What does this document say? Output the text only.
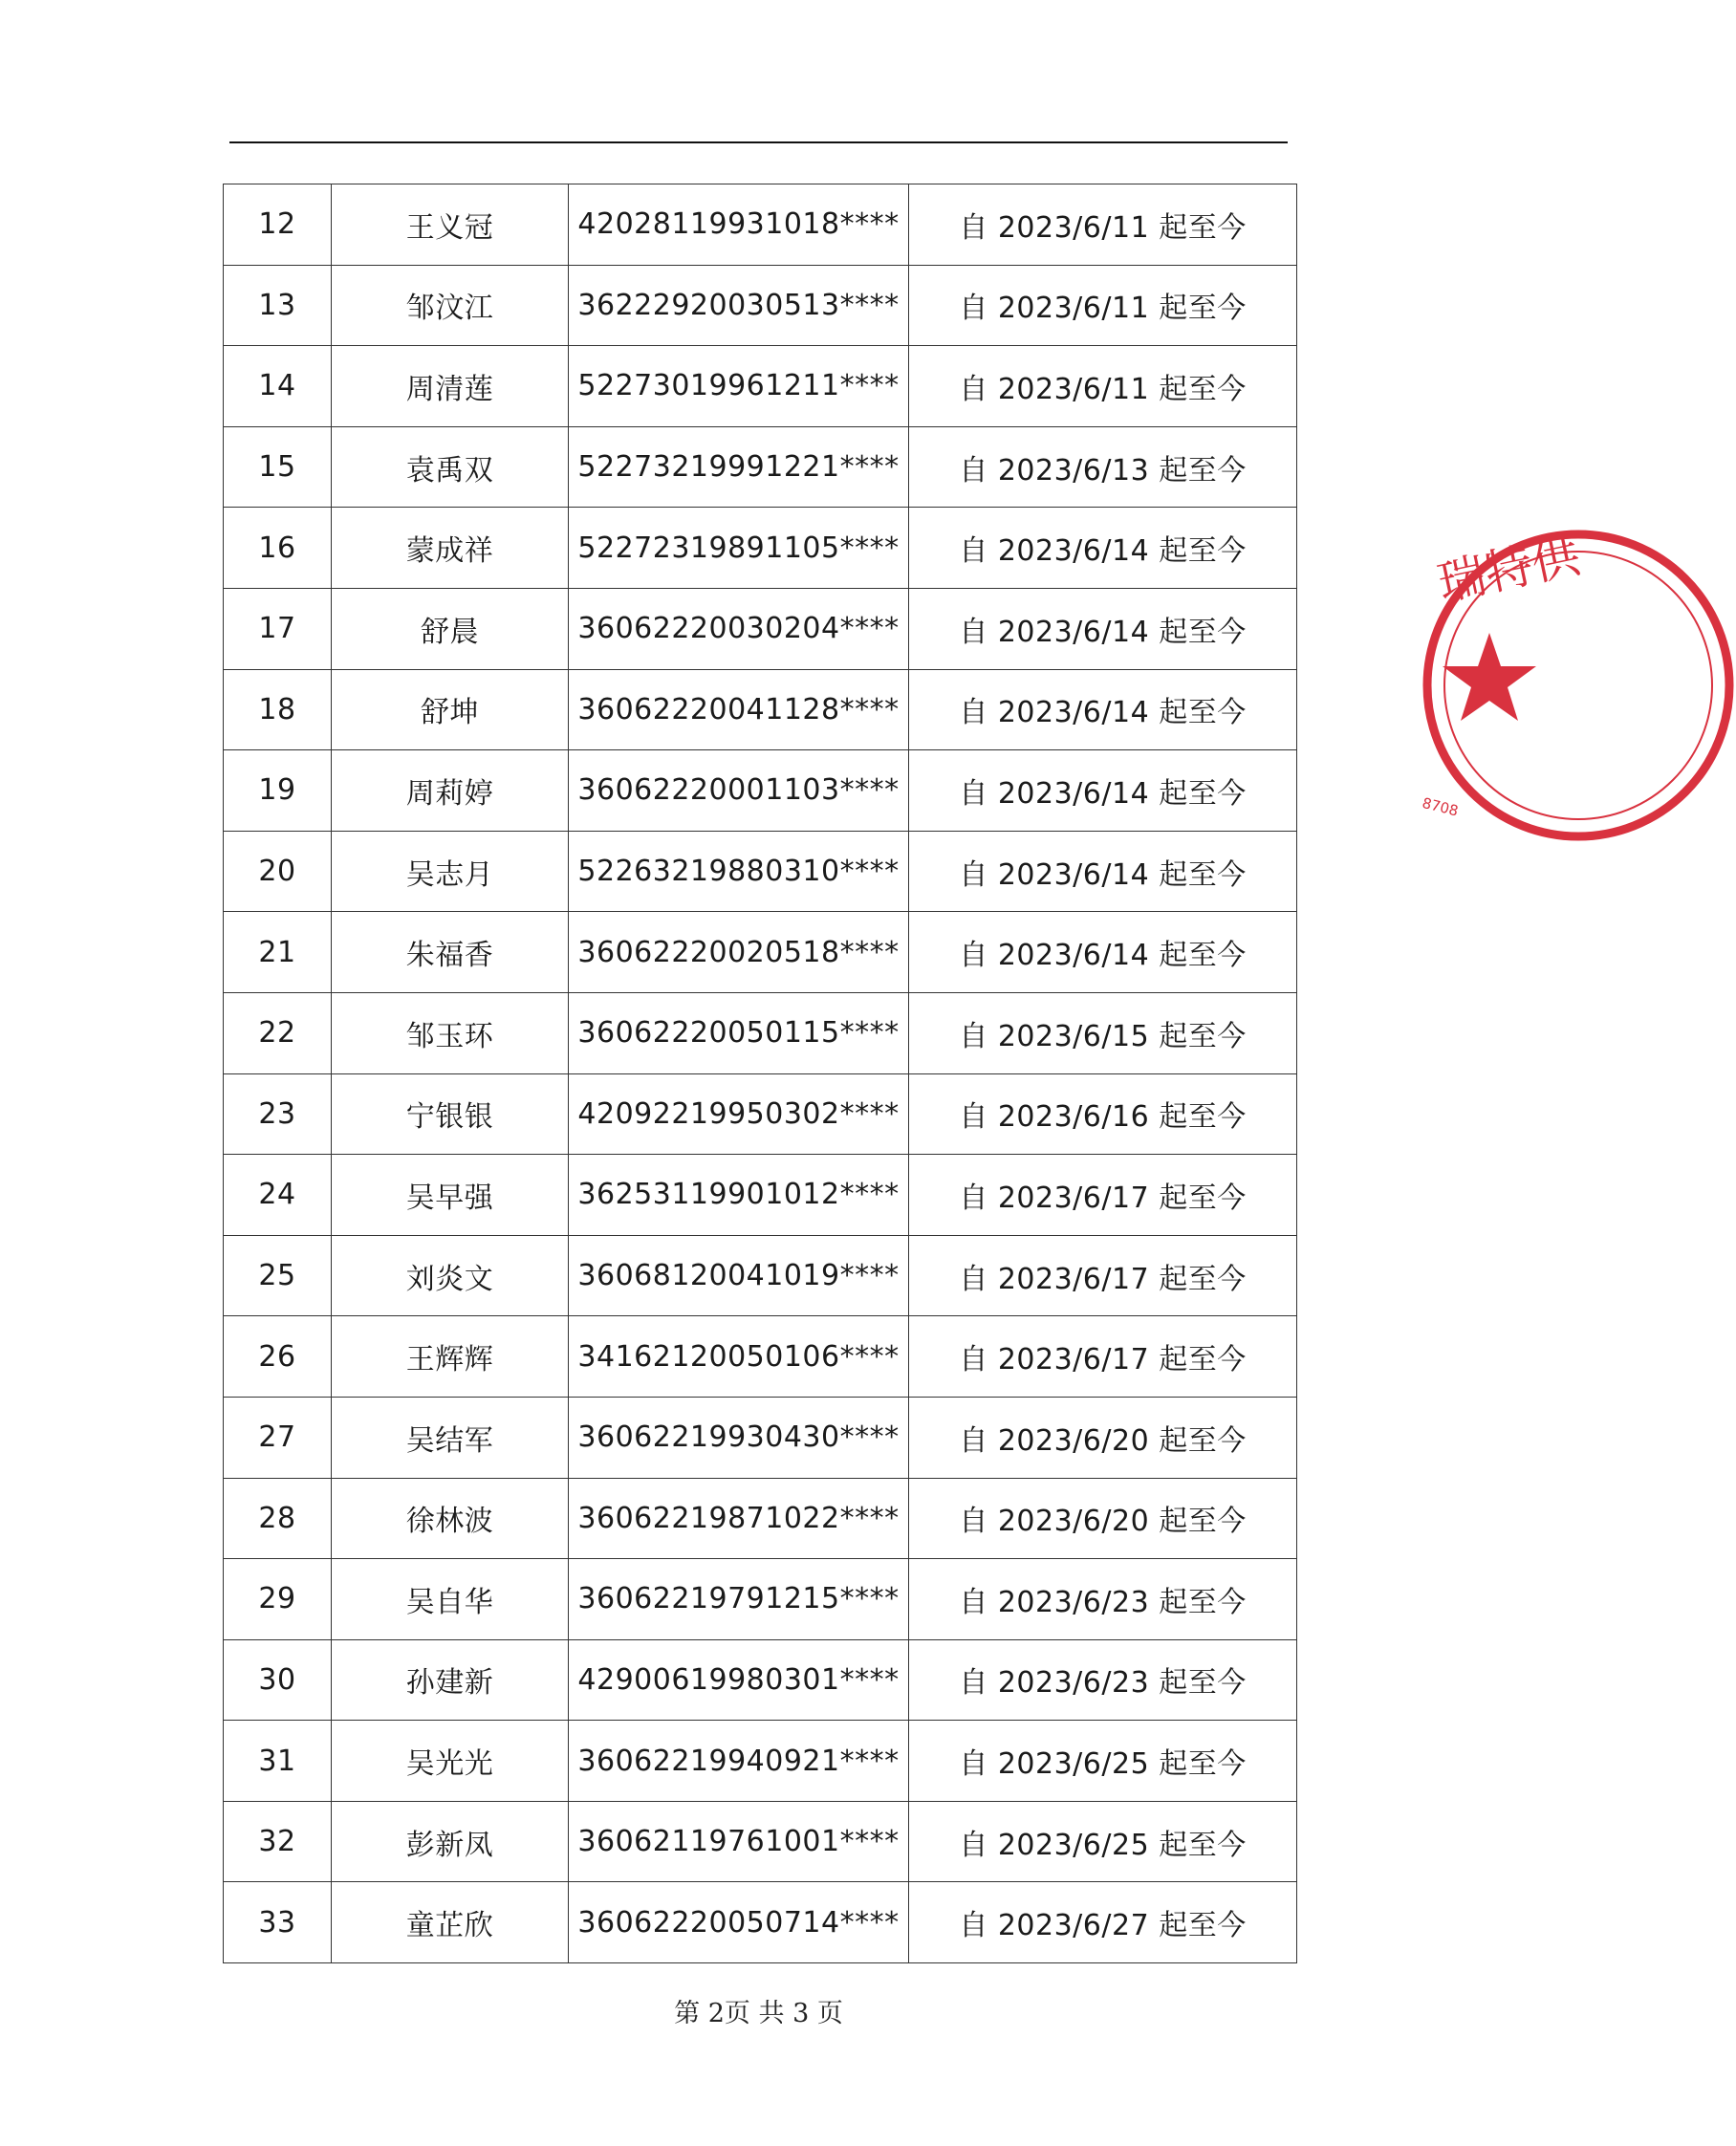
12	王义冠	42028119931018****	自 2023/6/11 起至今
13	邹汶江	36222920030513****	自 2023/6/11 起至今
14	周清莲	52273019961211****	自 2023/6/11 起至今
15	袁禹双	52273219991221****	自 2023/6/13 起至今
16	蒙成祥	52272319891105****	自 2023/6/14 起至今
17	舒晨	36062220030204****	自 2023/6/14 起至今
18	舒坤	36062220041128****	自 2023/6/14 起至今
19	周莉婷	36062220001103****	自 2023/6/14 起至今
20	吴志月	52263219880310****	自 2023/6/14 起至今
21	朱福香	36062220020518****	自 2023/6/14 起至今
22	邹玉环	36062220050115****	自 2023/6/15 起至今
23	宁银银	42092219950302****	自 2023/6/16 起至今
24	吴早强	36253119901012****	自 2023/6/17 起至今
25	刘炎文	36068120041019****	自 2023/6/17 起至今
26	王辉辉	34162120050106****	自 2023/6/17 起至今
27	吴结军	36062219930430****	自 2023/6/20 起至今
28	徐林波	36062219871022****	自 2023/6/20 起至今
29	吴自华	36062219791215****	自 2023/6/23 起至今
30	孙建新	42900619980301****	自 2023/6/23 起至今
31	吴光光	36062219940921****	自 2023/6/25 起至今
32	彭新凤	36062119761001****	自 2023/6/25 起至今
33	童芷欣	36062220050714****	自 2023/6/27 起至今
第 2页 共 3 页
瑞特供
8708
